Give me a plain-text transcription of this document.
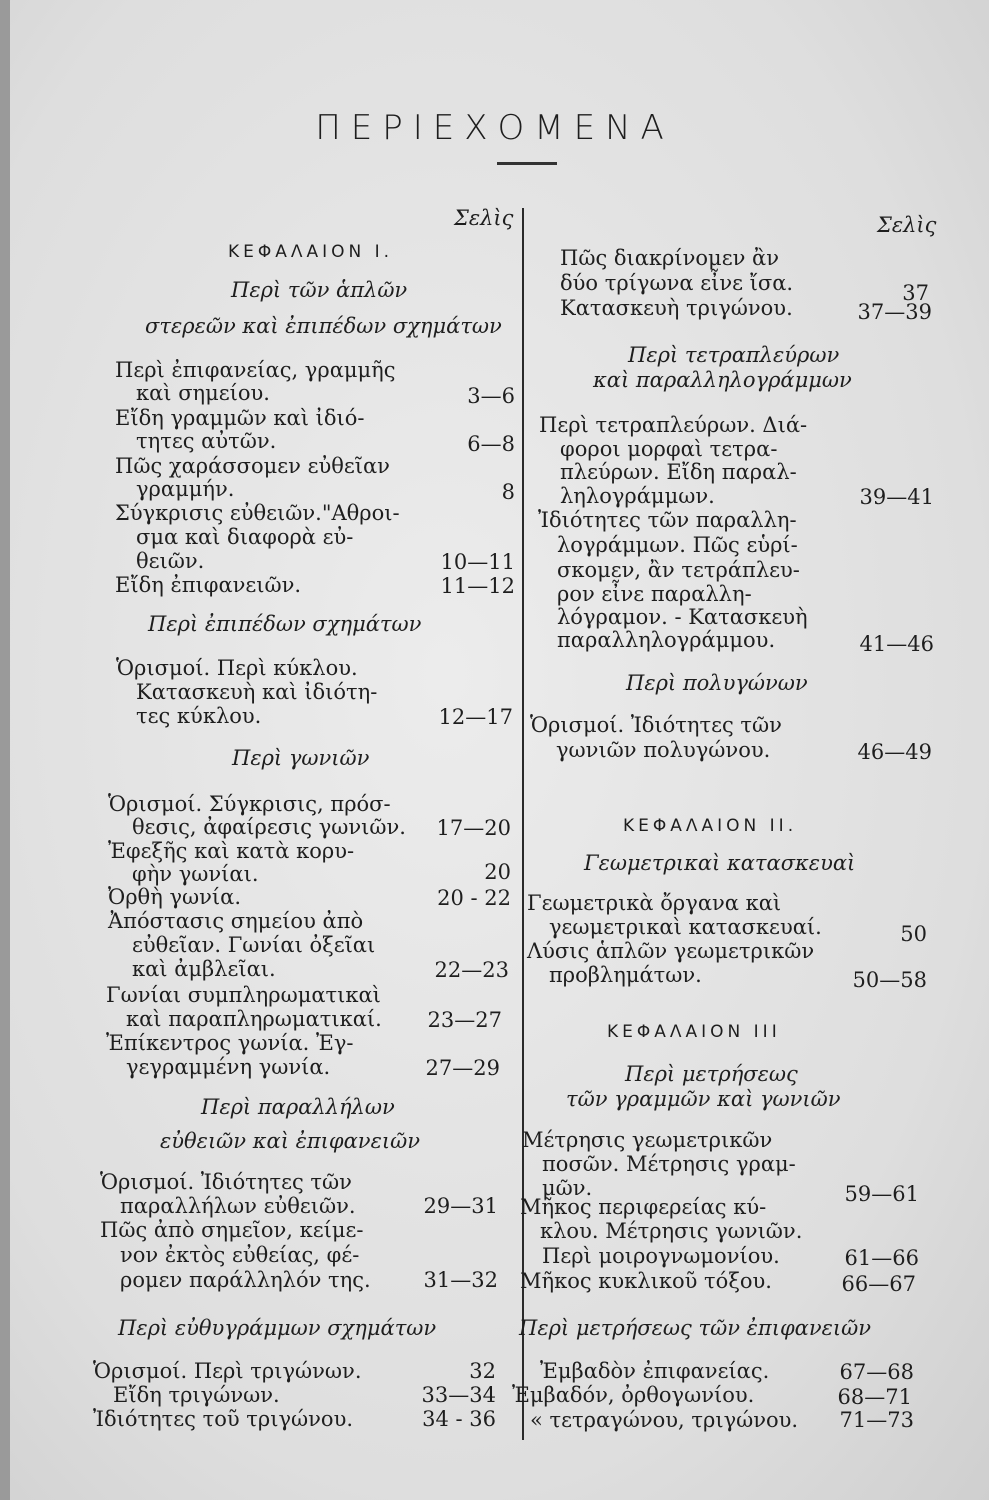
ΠΕΡΙΕΧΟΜΕΝΑ
Σελὶς	Σελὶς
ΚΕΦΑΛΑΙΟΝ Ι.
Περὶ τῶν ἁπλῶν
στερεῶν καὶ ἐπιπέδων σχημάτων
Περὶ ἐπιφανείας, γραμμῆς
καὶ σημείου.	3—6
Εἴδη γραμμῶν καὶ ἰδιό-
τητες αὐτῶν.	6—8
Πῶς χαράσσομεν εὐθεῖαν
γραμμήν.	8
Σύγκρισις εὐθειῶν."Αθροι-
σμα καὶ διαφορὰ εὐ-
θειῶν.	10—11
Εἴδη ἐπιφανειῶν.	11—12
Περὶ ἐπιπέδων σχημάτων
Ὁρισμοί. Περὶ κύκλου.
Κατασκευὴ καὶ ἰδιότη-
τες κύκλου.	12—17
Περὶ γωνιῶν
Ὁρισμοί. Σύγκρισις, πρόσ-
θεσις, ἀφαίρεσις γωνιῶν. 17—20
Ἐφεξῆς καὶ κατὰ κορυ-
φὴν γωνίαι.	20
Ὀρθὴ γωνία.	20 - 22
Ἀπόστασις σημείου ἀπὸ
εὐθεῖαν. Γωνίαι ὀξεῖαι
καὶ ἀμβλεῖαι.	22—23
Γωνίαι συμπληρωματικαὶ
καὶ παραπληρωματικαί. 23—27
Ἐπίκεντρος γωνία. Ἐγ-
γεγραμμένη γωνία.	27—29
Περὶ παραλλήλων
εὐθειῶν καὶ ἐπιφανειῶν
Ὁρισμοί. Ἰδιότητες τῶν
παραλλήλων εὐθειῶν.	29—31
Πῶς ἀπὸ σημεῖον, κείμε-
νον ἐκτὸς εὐθείας, φέ-
ρομεν παράλληλόν της.	31—32
Περὶ εὐθυγράμμων σχημάτων
Ὁρισμοί. Περὶ τριγώνων.	32
Εἴδη τριγώνων.	33—34
Ἰδιότητες τοῦ τριγώνου.	34 - 36
Πῶς διακρίνομεν ἂν
δύο τρίγωνα εἶνε ἴσα.	37
Κατασκευὴ τριγώνου.	37—39
Περὶ τετραπλεύρων
καὶ παραλληλογράμμων
Περὶ τετραπλεύρων. Διά-
φοροι μορφαὶ τετρα-
πλεύρων. Εἴδη παραλ-
ληλογράμμων.	39—41
Ἰδιότητες τῶν παραλλη-
λογράμμων. Πῶς εὑρί-
σκομεν, ἂν τετράπλευ-
ρον εἶνε παραλλη-
λόγραμον. - Κατασκευὴ
παραλληλογράμμου.	41—46
Περὶ πολυγώνων
Ὁρισμοί. Ἰδιότητες τῶν
γωνιῶν πολυγώνου.	46—49
ΚΕΦΑΛΑΙΟΝ ΙΙ.
Γεωμετρικαὶ κατασκευαὶ
Γεωμετρικὰ ὄργανα καὶ
γεωμετρικαὶ κατασκευαί.	50
Λύσις ἁπλῶν γεωμετρικῶν
προβλημάτων.	50—58
ΚΕΦΑΛΑΙΟΝ ΙΙΙ
Περὶ μετρήσεως
τῶν γραμμῶν καὶ γωνιῶν
Μέτρησις γεωμετρικῶν
ποσῶν. Μέτρησις γραμ-
μῶν.	59—61
Μῆκος περιφερείας κύ-
κλου. Μέτρησις γωνιῶν.
Περὶ μοιρογνωμονίου.	61—66
Μῆκος κυκλικοῦ τόξου.	66—67
Περὶ μετρήσεως τῶν ἐπιφανειῶν
Ἐμβαδὸν ἐπιφανείας.	67—68
Ἐμβαδόν, ὀρθογωνίου.	68—71
« τετραγώνου, τριγώνου. 71—73
